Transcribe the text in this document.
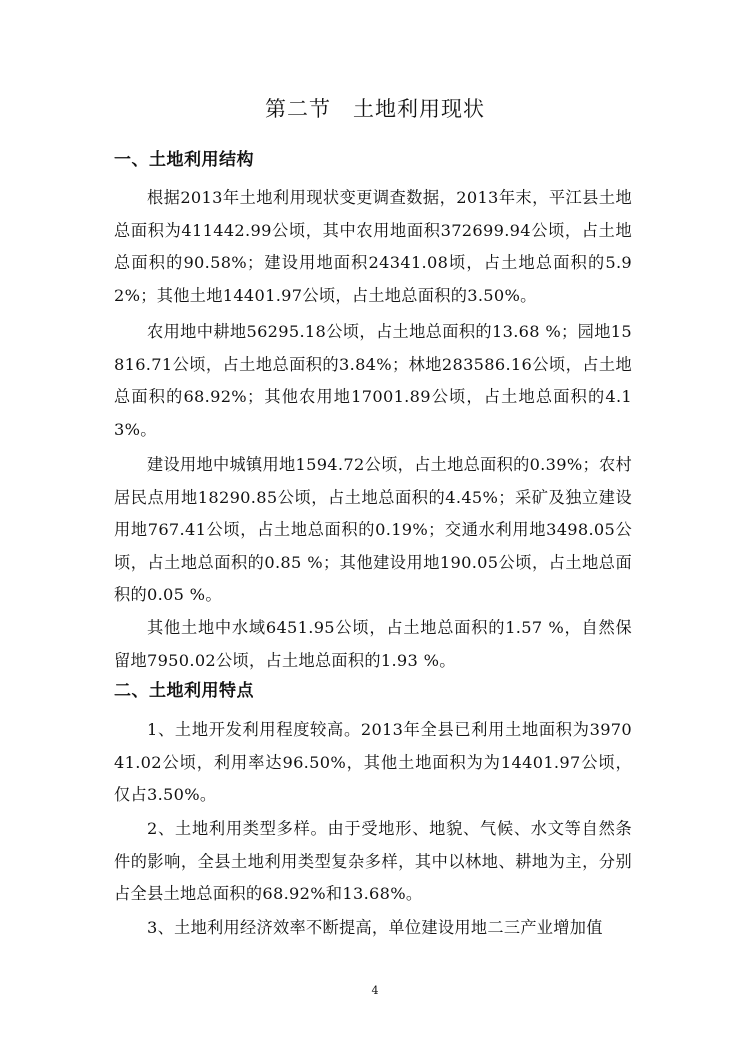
第二节　土地利用现状
一、土地利用结构

根据2013年土地利用现状变更调查数据，2013年末，平江县土地总面积为411442.99公顷，其中农用地面积372699.94公顷，占土地总面积的90.58%；建设用地面积24341.08顷，占土地总面积的5.92%；其他土地14401.97公顷，占土地总面积的3.50%。

农用地中耕地56295.18公顷，占土地总面积的13.68 %；园地15816.71公顷，占土地总面积的3.84%；林地283586.16公顷，占土地总面积的68.92%；其他农用地17001.89公顷，占土地总面积的4.13%。

建设用地中城镇用地1594.72公顷，占土地总面积的0.39%；农村居民点用地18290.85公顷，占土地总面积的4.45%；采矿及独立建设用地767.41公顷，占土地总面积的0.19%；交通水利用地3498.05公顷，占土地总面积的0.85 %；其他建设用地190.05公顷，占土地总面积的0.05 %。

其他土地中水域6451.95公顷，占土地总面积的1.57 %，自然保留地7950.02公顷，占土地总面积的1.93 %。

二、土地利用特点

1、土地开发利用程度较高。2013年全县已利用土地面积为397041.02公顷，利用率达96.50%，其他土地面积为为14401.97公顷，仅占3.50%。

2、土地利用类型多样。由于受地形、地貌、气候、水文等自然条件的影响，全县土地利用类型复杂多样，其中以林地、耕地为主，分别占全县土地总面积的68.92%和13.68%。

3、土地利用经济效率不断提高，单位建设用地二三产业增加值

4
